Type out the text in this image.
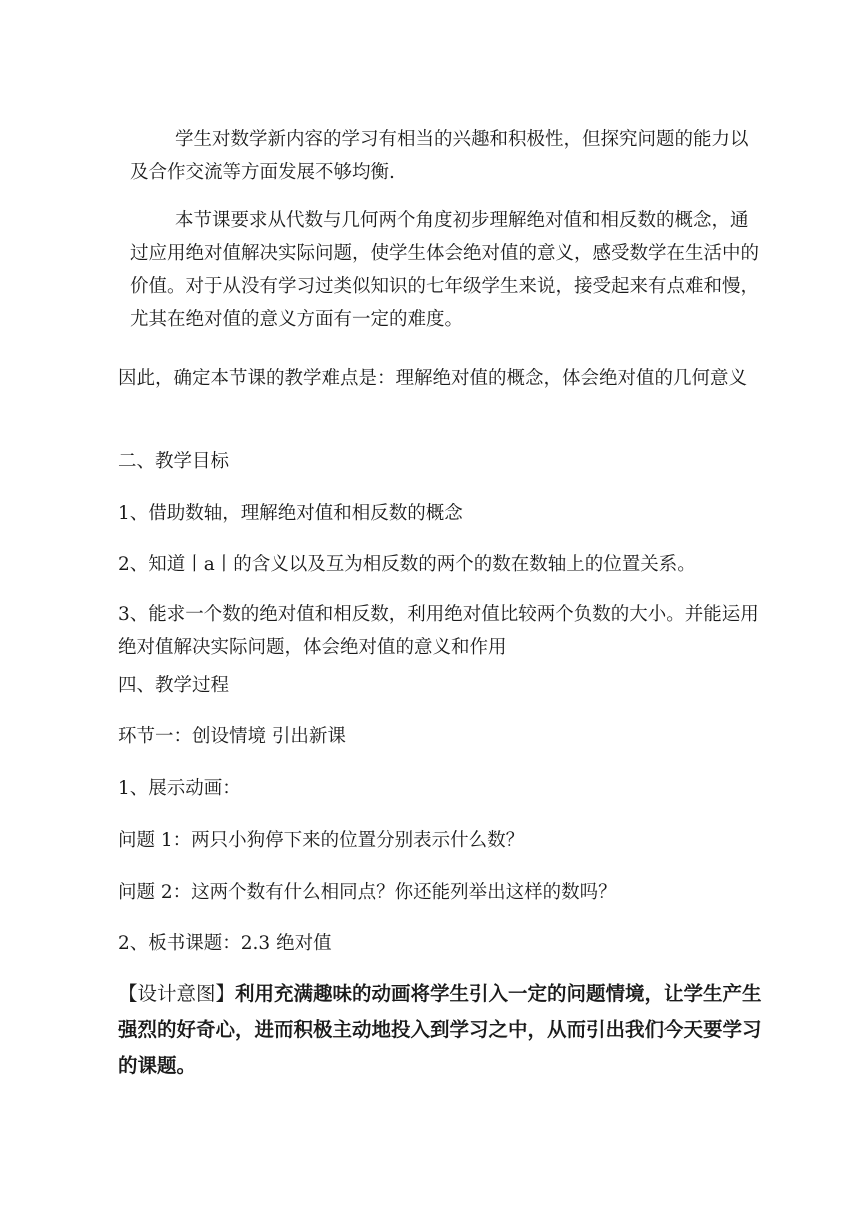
学生对数学新内容的学习有相当的兴趣和积极性，但探究问题的能力以及合作交流等方面发展不够均衡.

本节课要求从代数与几何两个角度初步理解绝对值和相反数的概念，通过应用绝对值解决实际问题，使学生体会绝对值的意义，感受数学在生活中的价值。对于从没有学习过类似知识的七年级学生来说，接受起来有点难和慢，尤其在绝对值的意义方面有一定的难度。

因此，确定本节课的教学难点是：理解绝对值的概念，体会绝对值的几何意义

二、教学目标

1、借助数轴，理解绝对值和相反数的概念

2、知道丨a丨的含义以及互为相反数的两个的数在数轴上的位置关系。

3、能求一个数的绝对值和相反数，利用绝对值比较两个负数的大小。并能运用绝对值解决实际问题，体会绝对值的意义和作用

四、教学过程

环节一：创设情境 引出新课

1、展示动画：

问题 1：两只小狗停下来的位置分别表示什么数？

问题 2：这两个数有什么相同点？你还能列举出这样的数吗？

2、板书课题：2.3 绝对值

【设计意图】利用充满趣味的动画将学生引入一定的问题情境，让学生产生强烈的好奇心，进而积极主动地投入到学习之中，从而引出我们今天要学习的课题。
